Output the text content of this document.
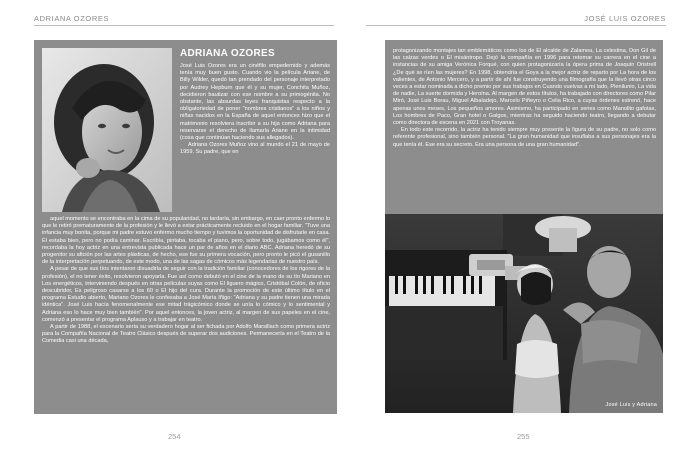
ADRIANA OZORES	JOSÉ LUIS OZORES
ADRIANA OZORES

José Luis Ozores era un cinéfilo empedernido y además tenía muy buen gusto. Cuando vio la película Ariane, de Billy Wilder, quedó tan prendado del personaje interpretado por Audrey Hepburn que él y su mujer, Conchita Muñoz, decidieron bautizar con ese nombre a su primogénita. No obstante, las absurdas leyes franquistas respecto a la obligatoriedad de poner "nombres cristianos" a los niños y niñas nacidos en la España de aquel entonces hizo que el matrimonio resolviera inscribir a su hija como Adriana para reservarse el derecho de llamarla Ariane en la intimidad (cosa que continúan haciendo sus allegados).

Adriana Ozores Muñoz vino al mundo el 21 de mayo de 1959. Su padre, que en

aquel momento se encontraba en la cima de su popularidad, no tardaría, sin embargo, en caer pronto enfermo lo que le retiró prematuramente de la profesión y le llevó a estar prácticamente recluido en el hogar familiar. "Tuve una infancia muy bonita, porque mi padre estuvo enfermo mucho tiempo y tuvimos la oportunidad de disfrutarle en casa. Él estaba bien, pero no podía caminar. Escribía, pintaba, tocaba el piano, pero, sobre todo, jugábamos como él", recordaba la hoy actriz en una entrevista publicada hace un par de años en el diario ABC. Adriana heredó de su progenitor su afición por las artes plásticas, de hecho, ese fue su primera vocación, pero pronto le picó el gusanillo de la interpretación perpetuando, de este modo, una de las sagas de cómicos más legendarias de nuestro país.

A pesar de que sus tíos intentaron disuadirla de seguir con la tradición familiar (conocedores de los rigores de la profesión), el no tener éxito, resolvieron apoyarla. Fue así como debutó en el cine de la mano de su tío Mariano en Los energéticos, interviniendo después en otras películas suyas como El liguero mágico, Cristóbal Colón, de oficio descubridor, Es peligroso casarse a los 60 o El hijo del cura. Durante la promoción de este último título en el programa Estudio abierto, Mariano Ozores le confesaba a José María Iñigo: "Adriana y su padre tienen una mirada idéntica". José Luis hacía fenomenalmente ese mitad trágicómico donde se unía lo cómico y lo sentimental y Adriana eso lo hace muy bien también". Por aquel entonces, la joven actriz, al margen de sus papeles en el cine, comenzó a presentar el programa Aplauso y a trabajar en teatro.

A partir de 1988, el escenario sería su verdadero hogar al ser fichada por Adolfo Marsillach como primera actriz para la Compañía Nacional de Teatro Clásico después de superar dos audiciones. Permanecería en el Teatro de la Comedia casi una década,

254

protagonizando montajes tan emblemáticos como los de El alcalde de Zalamea, La celestina, Don Gil de las calzas verdes o El misántropo. Dejó la compañía en 1996 para retomar su carrera en el cine a instancias de su amiga Verónica Forqué, con quien protagonizaría la ópera prima de Joaquín Oristrell ¿De qué se ríen las mujeres? En 1998, obtendría el Goya a la mejor actriz de reparto por La hora de los valientes, de Antonio Mercero, y a partir de ahí fue construyendo una filmografía que la llevó otras cinco veces a estar nominada a dicho premio por sus trabajos en Cuando vuelvas a mi lado, Plenilunio, La vida de nadie, La suerte dormida y Heroína. Al margen de estos títulos, ha trabajado con directores como Pilar Miró, José Luis Borau, Miguel Albaladejo, Marcelo Piñeyro o Celia Rico, a cuyas órdenes estrenó, hace apenas unos meses, Los pequeños amores. Asimismo, ha participado en series como Manolito gafotas, Los hombres de Paco, Gran hotel o Galgos, mientras ha seguido haciendo teatro, llegando a debutar como directora de escena en 2021 con Troyanas.

En todo este recorrido, la actriz ha tenido siempre muy presente la figura de su padre, no solo como referente profesional, sino también personal. "La gran humanidad que insuflaba a sus personajes era la que tenía él. Ese era su secreto. Era una persona de una gran humanidad".

José Luis y Adriana
255
